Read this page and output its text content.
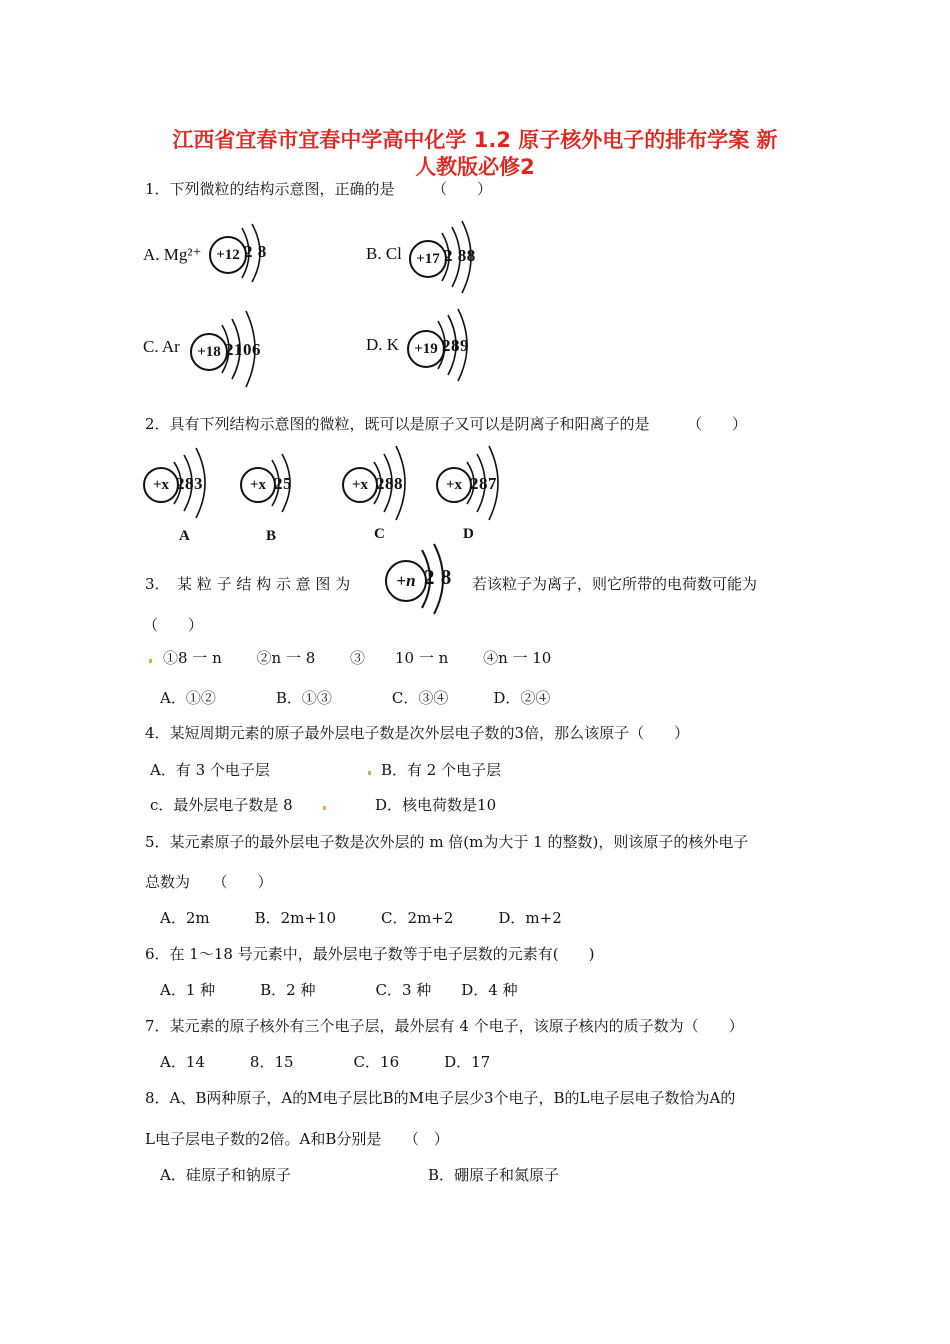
江西省宜春市宜春中学高中化学 1.2 原子核外电子的排布学案 新
人教版必修2
1．下列微粒的结构示意图，正确的是　　　（　　）
A. Mg²⁺ +12 2 8	B. Cl +17 2 88
C. Ar	+18 2106	D. K	+19 289
2．具有下列结构示意图的微粒，既可以是原子又可以是阴离子和阳离子的是　　　（　　）
+x 283
A
+x 25
B
+x 288
C
+x 287
D
3．　某 粒 子 结 构 示 意 图 为	+n 2 8 若该粒子为离子，则它所带的电荷数可能为
（　　）
①8 一 n　　 ②n 一 8　　 ③　　10 一 n　　 ④n 一 10
A．①②　　　　B．①③　　　　C．③④　　　D．②④
4．某短周期元素的原子最外层电子数是次外层电子数的3倍，那么该原子（　　）
A．有 3 个电子层	B．有 2 个电子层
c．最外层电子数是 8	D．核电荷数是10
5．某元素原子的最外层电子数是次外层的 m 倍(m为大于 1 的整数)，则该原子的核外电子
总数为　　（　　）
A．2m　　　B．2m+10　　　C．2m+2　　　D．m+2
6．在 1～18 号元素中，最外层电子数等于电子层数的元素有(　　)
A．1 种　　　B．2 种　　　　C．3 种　　D．4 种
7．某元素的原子核外有三个电子层，最外层有 4 个电子，该原子核内的质子数为（　　）
A．14　　　8．15　　　　C．16　　　D．17
8．A、B两种原子，A的M电子层比B的M电子层少3个电子，B的L电子层电子数恰为A的
L电子层电子数的2倍。A和B分别是　　（　）
A．硅原子和钠原子	B．硼原子和氮原子
